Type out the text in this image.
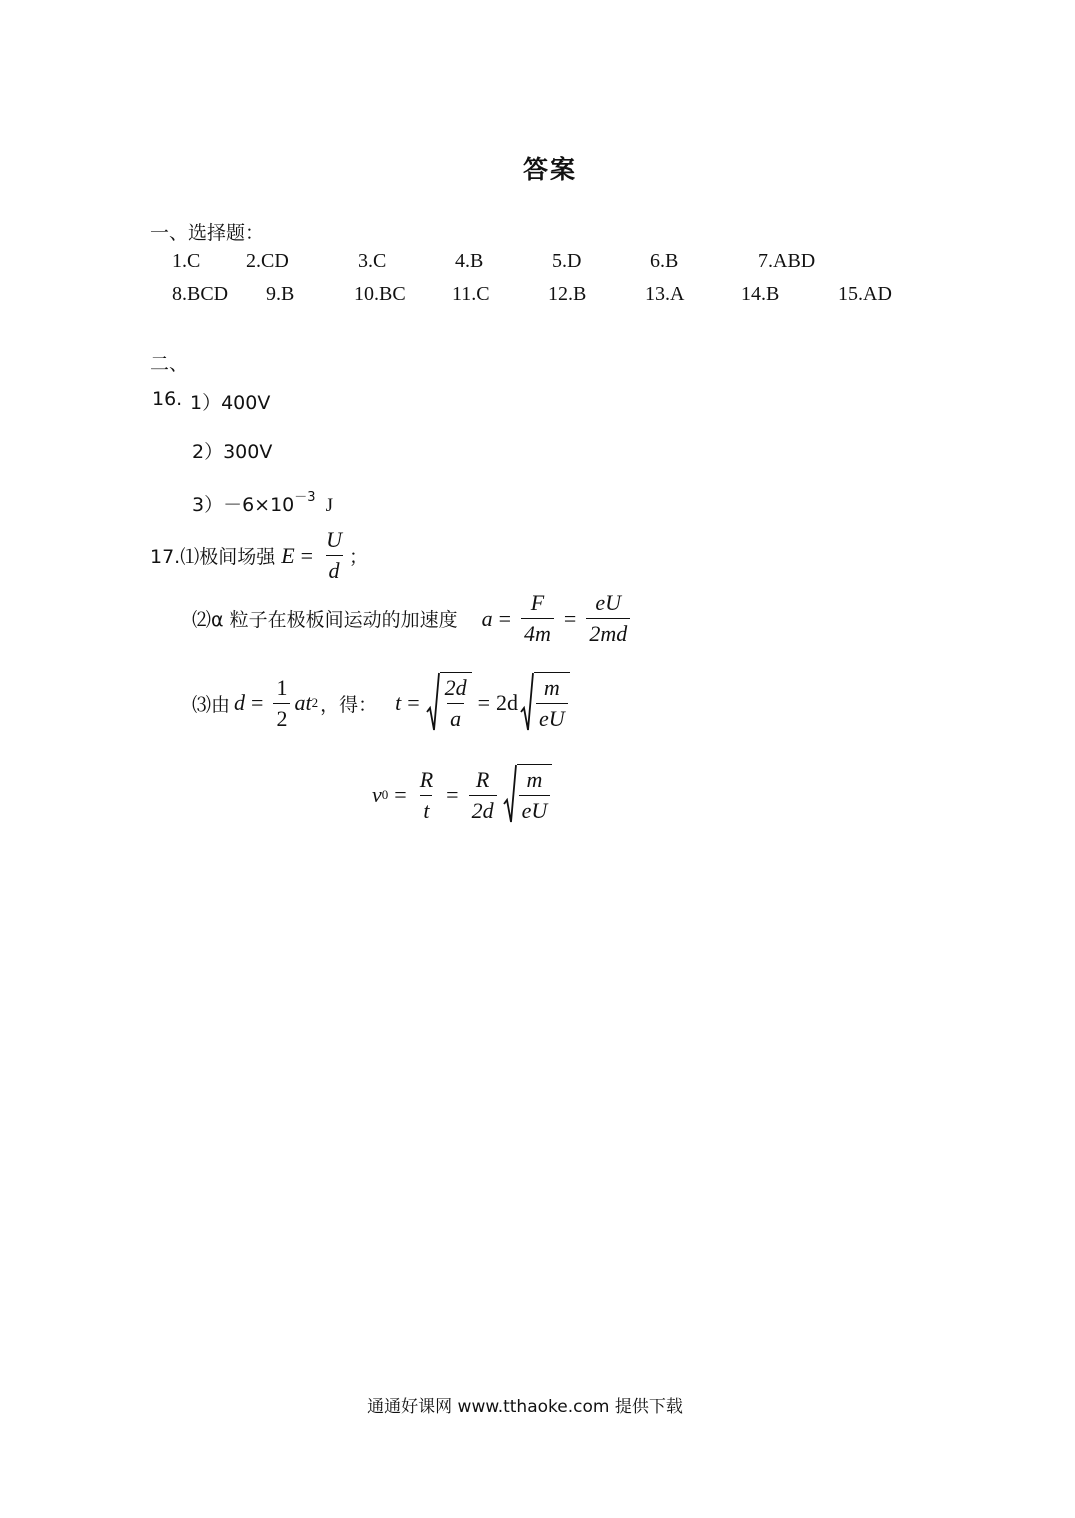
答案
一、选择题：
1.C 2.CD	3.C	4.B	5.D	6.B	7.ABD
8.BCD 9.B	10.BC 11.C	12.B	13.A	14.B	15.AD
二、
16. 1）400V
2）300V
$3)-6\times 10^{-3}$ J
17.⑴极间场强 $E = \frac{U}{d}$ ；
⑵α 粒子在极板间运动的加速度 $a = \frac{F}{4m} = \frac{eU}{2md}$
⑶由 $d = \frac{1}{2}$ at 2 ，得： $t = \frac{2d}{a} = 2d \frac{m}{eU}$
v $0 = \frac{R}{t} = \frac{R}{2d} \frac{m}{eU}$
通通好课网 www.tthaoke.com 提供下载
